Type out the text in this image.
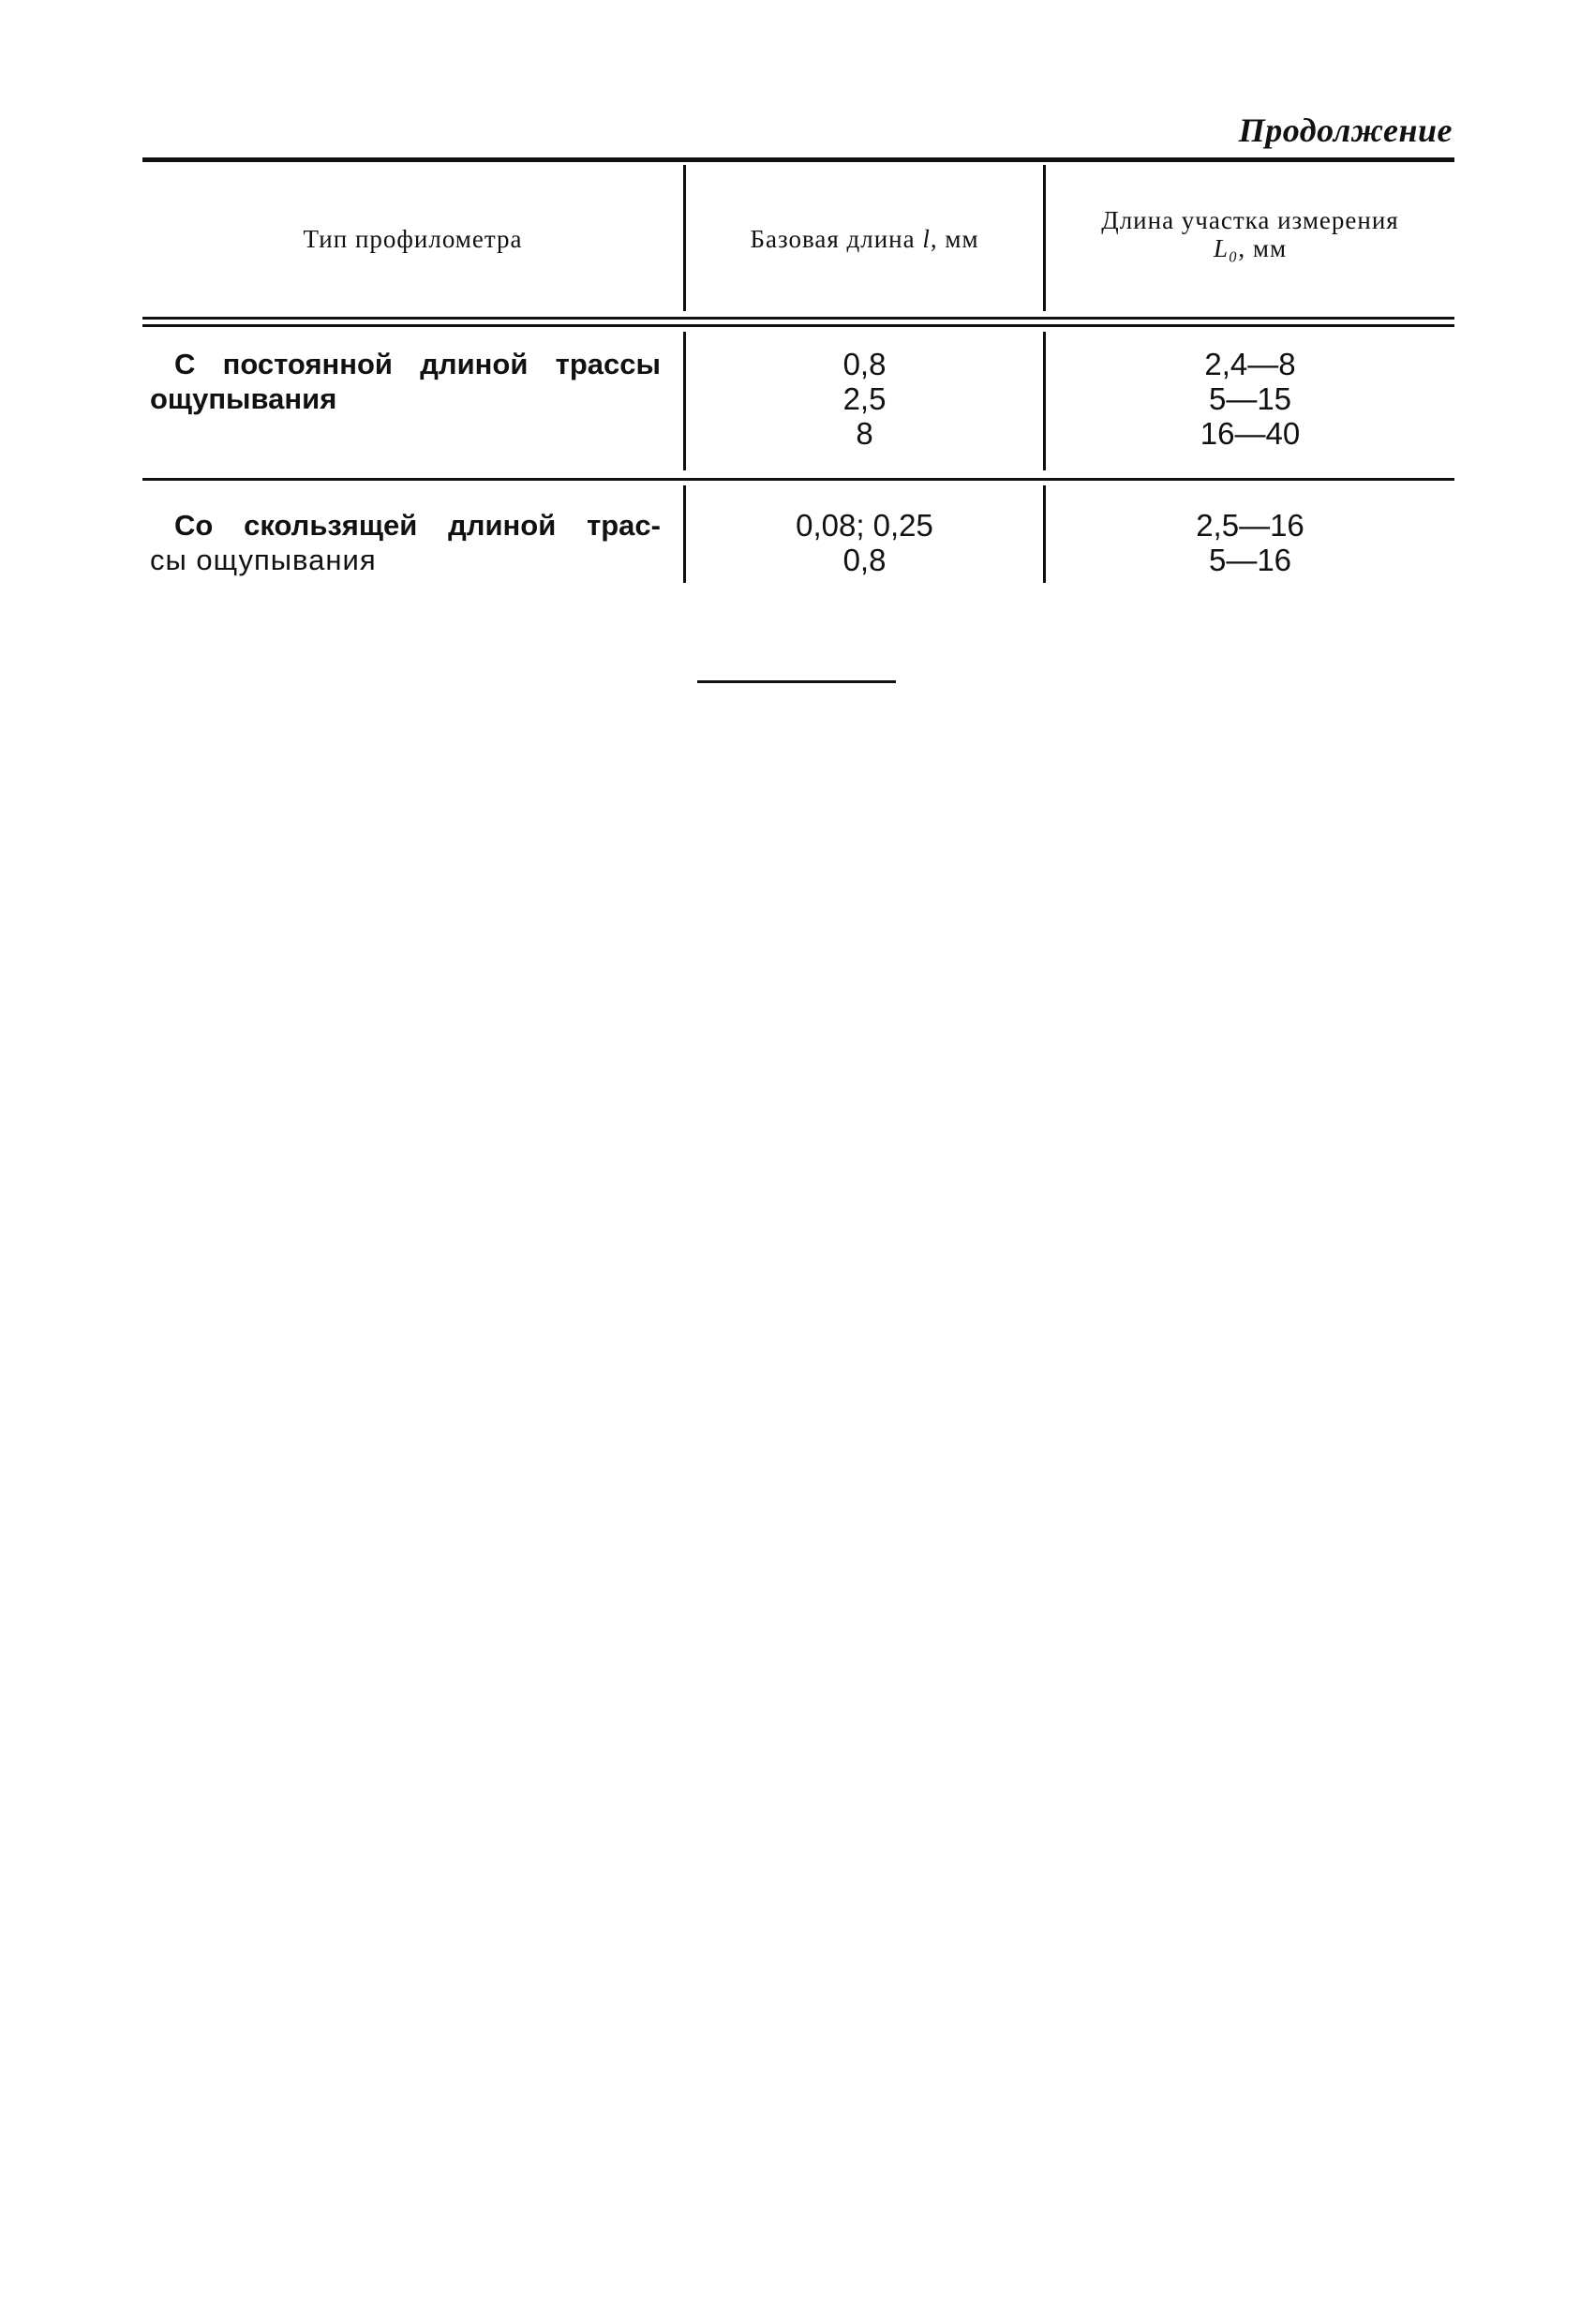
Продолжение
Тип профилометра	Базовая длина l, мм
Длина участка измерения
L₀, мм
С постоянной длиной трассы
ощупывания
0,8
2,5
8
2,4—8
5—15
16—40
Со скользящей длиной трас-
сы ощупывания
0,08; 0,25
0,8
2,5—16
5—16
